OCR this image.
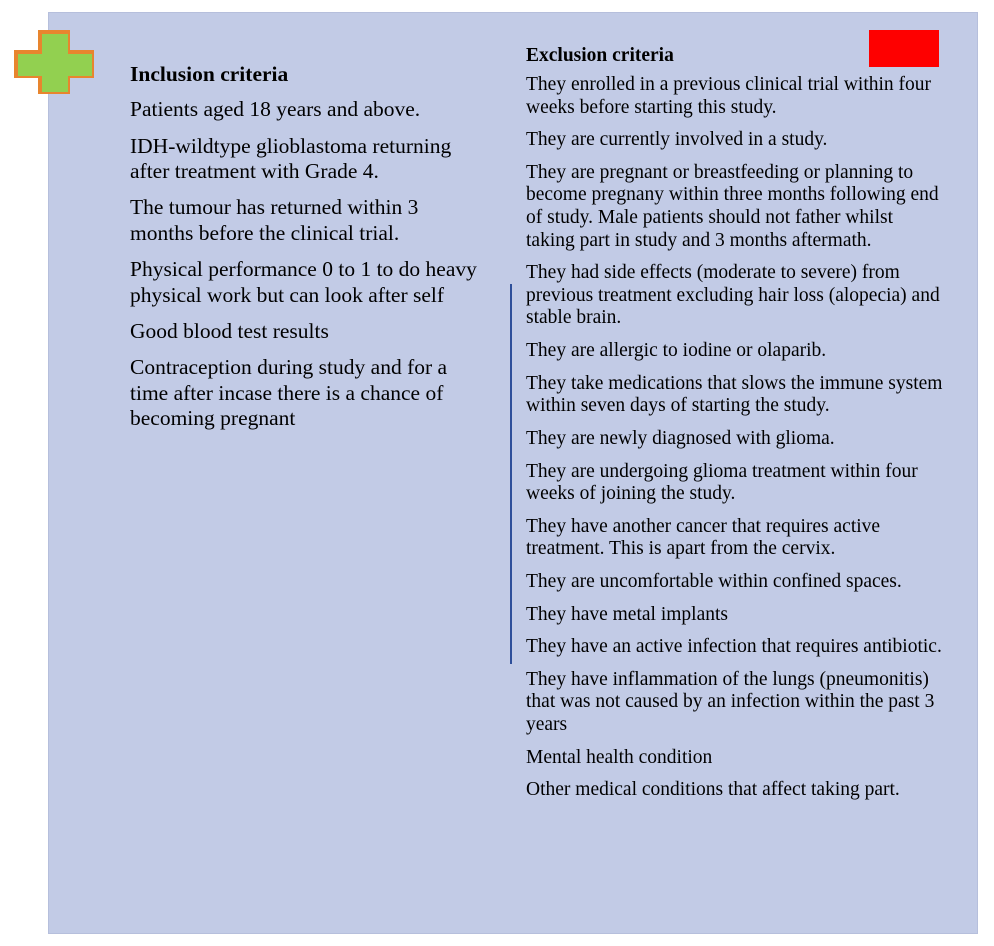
Inclusion criteria
Patients aged 18 years and above.
IDH-wildtype glioblastoma returning after treatment with Grade 4.
The tumour has returned within 3 months before the clinical trial.
Physical performance 0 to 1 to do heavy physical work but can look after self
Good blood test results
Contraception during study and for a time after incase there is a chance of becoming pregnant
Exclusion criteria
They enrolled in a previous clinical trial within four weeks before starting this study.
They are currently involved in a study.
They are pregnant or breastfeeding or planning to become pregnany within three months following end of study. Male patients should not father whilst taking part in study and 3 months aftermath.
They had side effects (moderate to severe) from previous treatment excluding hair loss (alopecia) and stable brain.
They are allergic to iodine or olaparib.
They take medications that slows the immune system within seven days of starting the study.
They are newly diagnosed with glioma.
They are undergoing glioma treatment within four weeks of joining the study.
They have another cancer that requires active treatment. This is apart from the cervix.
They are uncomfortable within confined spaces.
They have metal implants
They have an active infection that requires antibiotic.
They have inflammation of the lungs (pneumonitis) that was not caused by an infection within the past 3 years
Mental health condition
Other medical conditions that affect taking part.
